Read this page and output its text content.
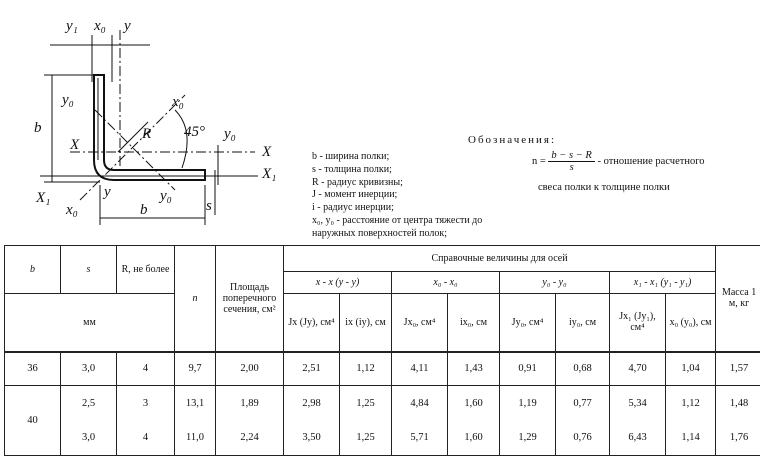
y₁ x₀ y
y₀	x₀
b	R 45° y₀
X	X
X₁
X₁	y	y₀
x₀	b	s
Обозначения:
b - ширина полки;
s - толщина полки;
R - радиус кривизны;
J - момент инерции;
i - радиус инерции;
x₀, y₀ - расстояние от центра тяжести до
наружных поверхностей полок;
$n = \frac{b - s - R}{s}$ - отношение расчетного
свеса полки к толщине полки
b	s	R, не более	n	Площадь поперечного сечения, см²	Справочные величины для осей								Масса 1 м, кг
					x - x (y - y)		x₀ - x₀		y₀ - y₀		x₁ - x₁ (y₁ - y₁)		
мм					Jx (Jy), см⁴	ix (iy), см	Jx₀, см⁴	ix₀, см	Jy₀, см⁴	iy₀, см	Jx₁ (Jy₁), см⁴	x₀ (y₀), см	
36	3,0	4	9,7	2,00	2,51	1,12	4,11	1,43	0,91	0,68	4,70	1,04	1,57
40	2,5	3	13,1	1,89	2,98	1,25	4,84	1,60	1,19	0,77	5,34	1,12	1,48
	3,0	4	11,0	2,24	3,50	1,25	5,71	1,60	1,29	0,76	6,43	1,14	1,76
